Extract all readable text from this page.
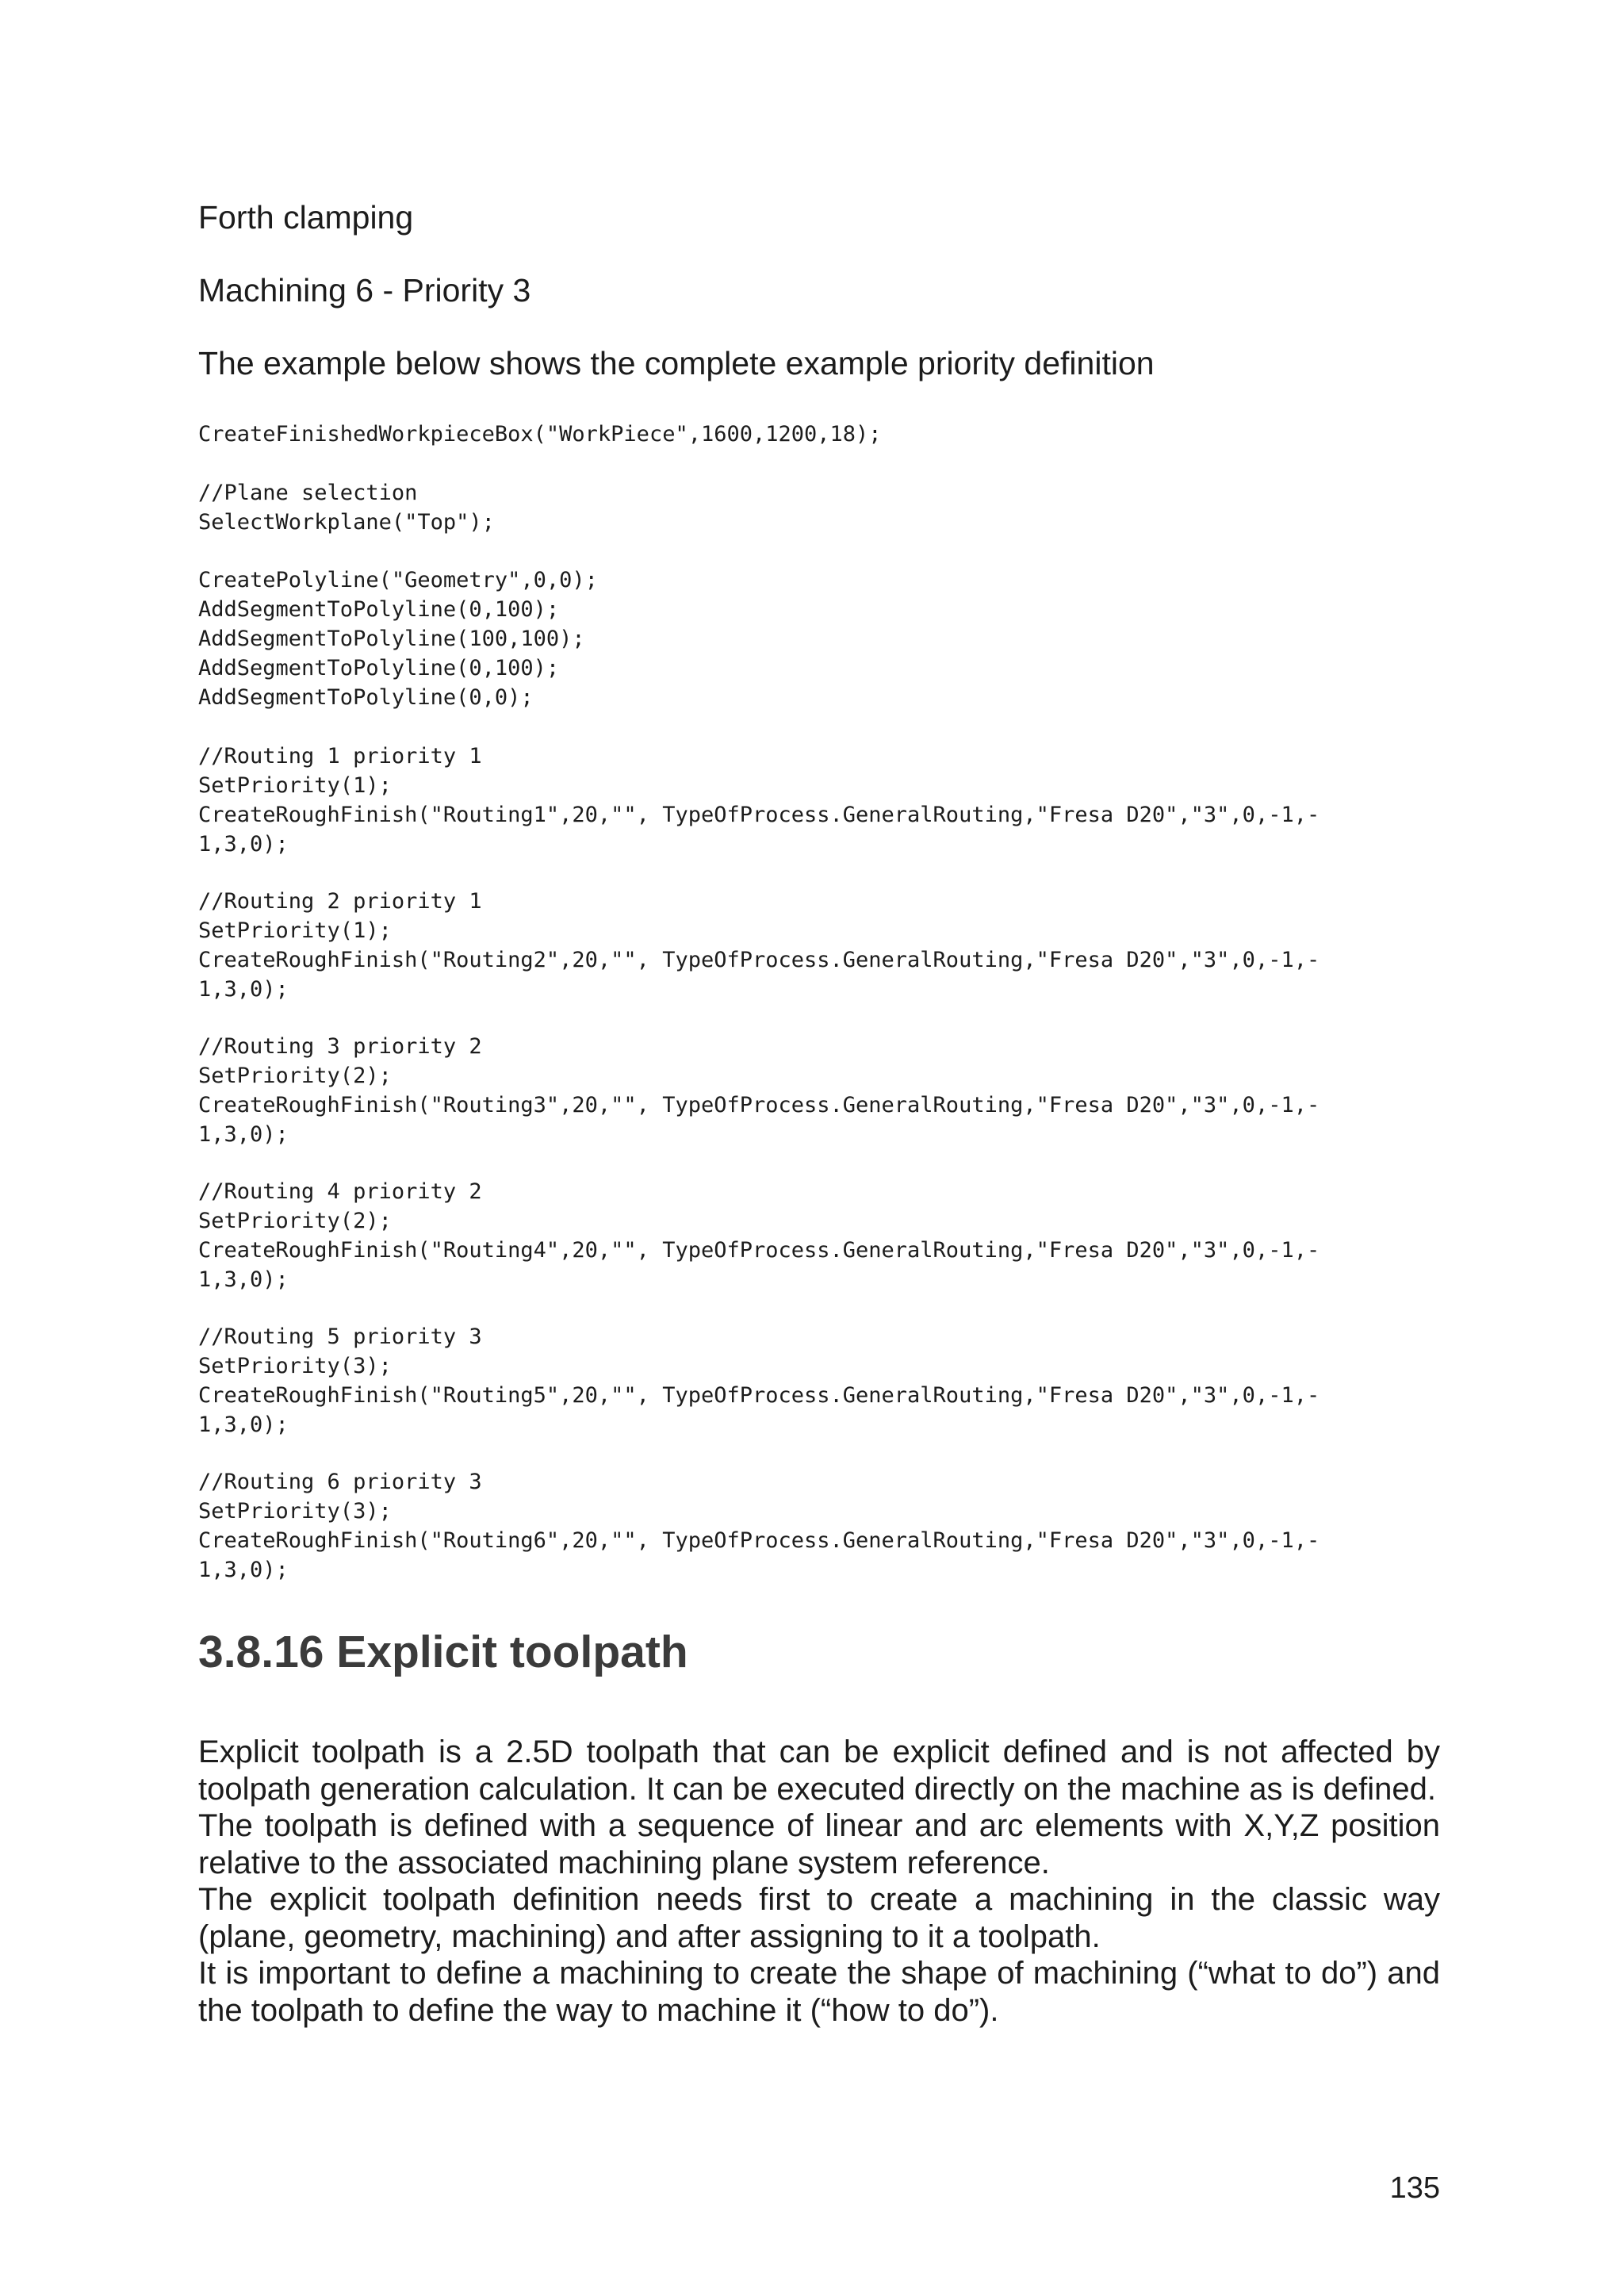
Forth clamping
Machining 6 - Priority 3
The example below shows the complete example priority definition
CreateFinishedWorkpieceBox("WorkPiece",1600,1200,18);
//Plane selection
SelectWorkplane("Top");
CreatePolyline("Geometry",0,0);
AddSegmentToPolyline(0,100);
AddSegmentToPolyline(100,100);
AddSegmentToPolyline(0,100);
AddSegmentToPolyline(0,0);
//Routing 1 priority 1
SetPriority(1);
CreateRoughFinish("Routing1",20,"", TypeOfProcess.GeneralRouting,"Fresa D20","3",0,-1,-
1,3,0);
//Routing 2 priority 1
SetPriority(1);
CreateRoughFinish("Routing2",20,"", TypeOfProcess.GeneralRouting,"Fresa D20","3",0,-1,-
1,3,0);
//Routing 3 priority 2
SetPriority(2);
CreateRoughFinish("Routing3",20,"", TypeOfProcess.GeneralRouting,"Fresa D20","3",0,-1,-
1,3,0);
//Routing 4 priority 2
SetPriority(2);
CreateRoughFinish("Routing4",20,"", TypeOfProcess.GeneralRouting,"Fresa D20","3",0,-1,-
1,3,0);
//Routing 5 priority 3
SetPriority(3);
CreateRoughFinish("Routing5",20,"", TypeOfProcess.GeneralRouting,"Fresa D20","3",0,-1,-
1,3,0);
//Routing 6 priority 3
SetPriority(3);
CreateRoughFinish("Routing6",20,"", TypeOfProcess.GeneralRouting,"Fresa D20","3",0,-1,-
1,3,0);
3.8.16 Explicit toolpath

Explicit toolpath is a 2.5D toolpath that can be explicit defined and is not affected by toolpath generation calculation. It can be executed directly on the machine as is defined.

The toolpath is defined with a sequence of linear and arc elements with X,Y,Z position relative to the associated machining plane system reference.

The explicit toolpath definition needs first to create a machining in the classic way (plane, geometry, machining) and after assigning to it a toolpath.

It is important to define a machining to create the shape of machining (“what to do”) and the toolpath to define the way to machine it (“how to do”).

135
